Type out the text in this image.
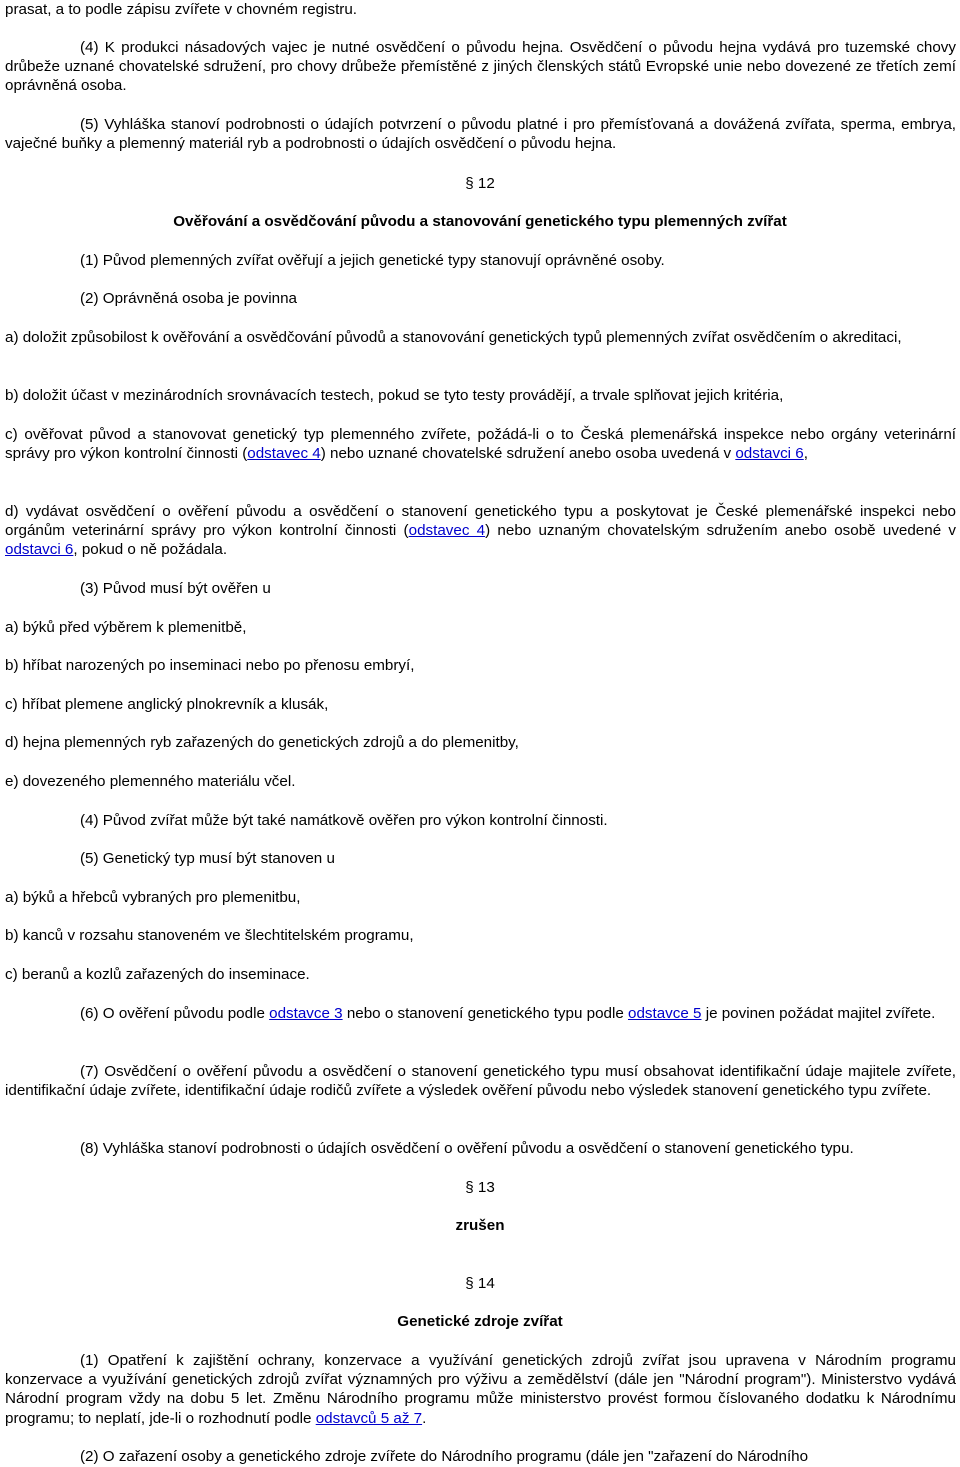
prasat, a to podle zápisu zvířete v chovném registru.

(4) K produkci násadových vajec je nutné osvědčení o původu hejna. Osvědčení o původu hejna vydává pro tuzemské chovy drůbeže uznané chovatelské sdružení, pro chovy drůbeže přemístěné z jiných členských států Evropské unie nebo dovezené ze třetích zemí oprávněná osoba.

(5) Vyhláška stanoví podrobnosti o údajích potvrzení o původu platné i pro přemísťovaná a dovážená zvířata, sperma, embrya, vaječné buňky a plemenný materiál ryb a podrobnosti o údajích osvědčení o původu hejna.

§ 12

Ověřování a osvědčování původu a stanovování genetického typu plemenných zvířat

(1) Původ plemenných zvířat ověřují a jejich genetické typy stanovují oprávněné osoby.

(2) Oprávněná osoba je povinna

a) doložit způsobilost k ověřování a osvědčování původů a stanovování genetických typů plemenných zvířat osvědčením o akreditaci,

b) doložit účast v mezinárodních srovnávacích testech, pokud se tyto testy provádějí, a trvale splňovat jejich kritéria,

c) ověřovat původ a stanovovat genetický typ plemenného zvířete, požádá-li o to Česká plemenářská inspekce nebo orgány veterinární správy pro výkon kontrolní činnosti (odstavec 4) nebo uznané chovatelské sdružení anebo osoba uvedená v odstavci 6,

d) vydávat osvědčení o ověření původu a osvědčení o stanovení genetického typu a poskytovat je České plemenářské inspekci nebo orgánům veterinární správy pro výkon kontrolní činnosti (odstavec 4) nebo uznaným chovatelským sdružením anebo osobě uvedené v odstavci 6, pokud o ně požádala.

(3) Původ musí být ověřen u

a) býků před výběrem k plemenitbě,

b) hříbat narozených po inseminaci nebo po přenosu embryí,

c) hříbat plemene anglický plnokrevník a klusák,

d) hejna plemenných ryb zařazených do genetických zdrojů a do plemenitby,

e) dovezeného plemenného materiálu včel.

(4) Původ zvířat může být také namátkově ověřen pro výkon kontrolní činnosti.

(5) Genetický typ musí být stanoven u

a) býků a hřebců vybraných pro plemenitbu,

b) kanců v rozsahu stanoveném ve šlechtitelském programu,

c) beranů a kozlů zařazených do inseminace.

(6) O ověření původu podle odstavce 3 nebo o stanovení genetického typu podle odstavce 5 je povinen požádat majitel zvířete.

(7) Osvědčení o ověření původu a osvědčení o stanovení genetického typu musí obsahovat identifikační údaje majitele zvířete, identifikační údaje zvířete, identifikační údaje rodičů zvířete a výsledek ověření původu nebo výsledek stanovení genetického typu zvířete.

(8) Vyhláška stanoví podrobnosti o údajích osvědčení o ověření původu a osvědčení o stanovení genetického typu.

§ 13

zrušen

§ 14

Genetické zdroje zvířat

(1) Opatření k zajištění ochrany, konzervace a využívání genetických zdrojů zvířat jsou upravena v Národním programu konzervace a využívání genetických zdrojů zvířat významných pro výživu a zemědělství (dále jen "Národní program"). Ministerstvo vydává Národní program vždy na dobu 5 let. Změnu Národního programu může ministerstvo provést formou číslovaného dodatku k Národnímu programu; to neplatí, jde-li o rozhodnutí podle odstavců 5 až 7.

(2) O zařazení osoby a genetického zdroje zvířete do Národního programu (dále jen "zařazení do Národního
